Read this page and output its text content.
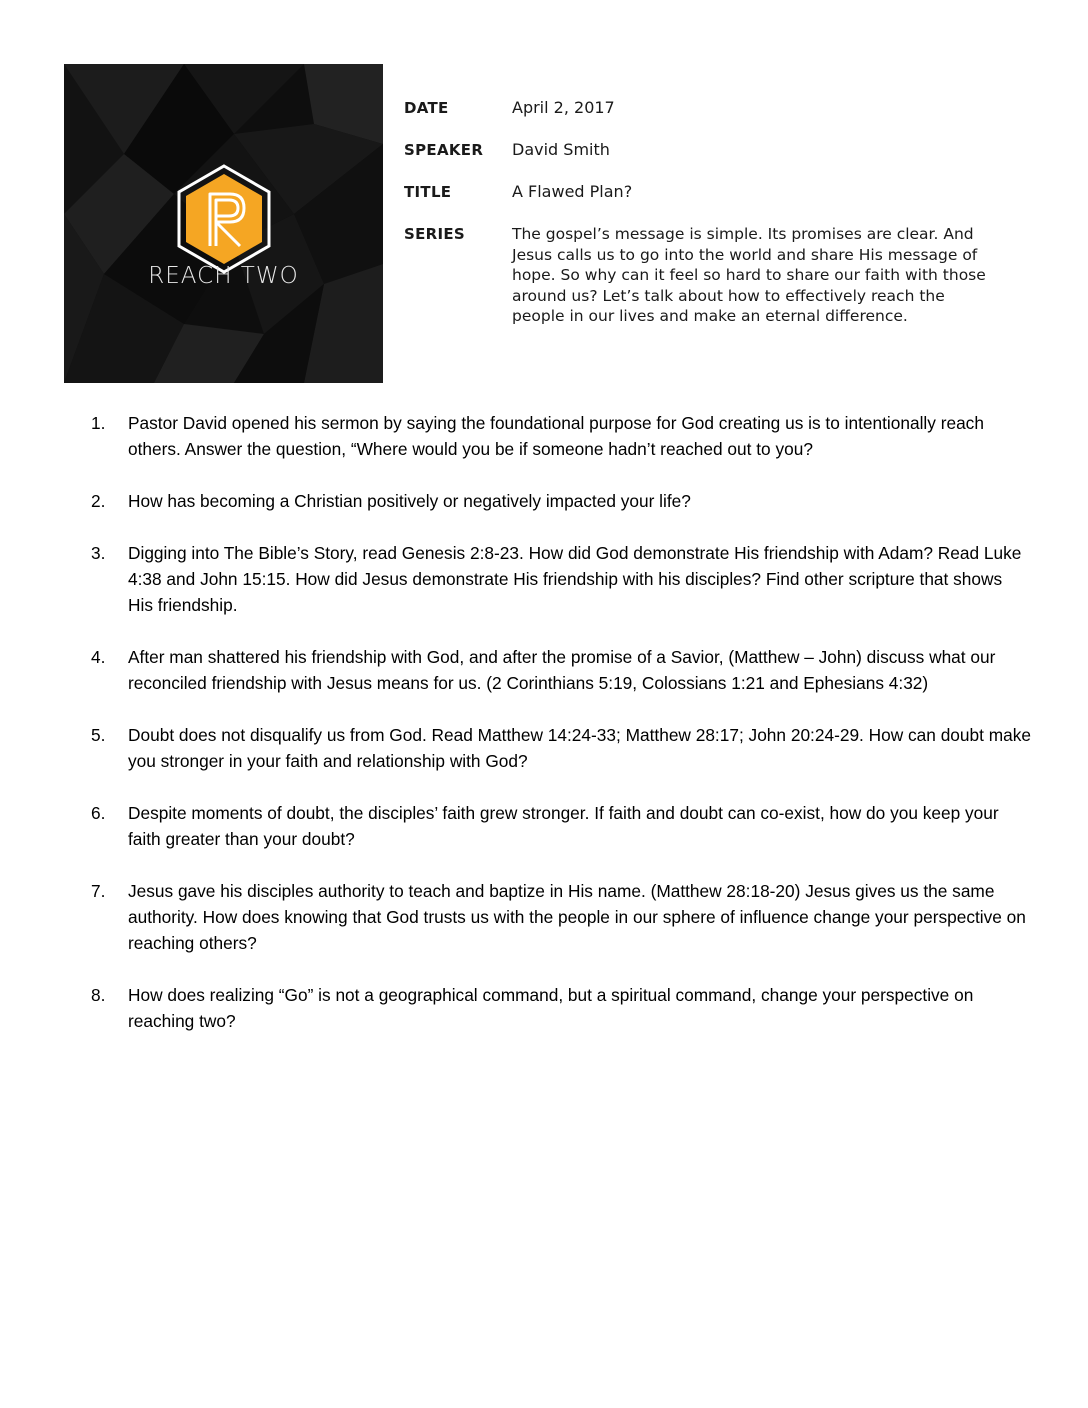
REACH TWO
DATE	April 2, 2017
SPEAKER	David Smith
TITLE	A Flawed Plan?
SERIES	The gospel’s message is simple. Its promises are clear. And Jesus calls us to go into the world and share His message of hope. So why can it feel so hard to share our faith with those around us? Let’s talk about how to effectively reach the people in our lives and make an eternal difference.
1.	Pastor David opened his sermon by saying the foundational purpose for God creating us is to intentionally reach others. Answer the question, “Where would you be if someone hadn’t reached out to you?
2.	How has becoming a Christian positively or negatively impacted your life?
3.	Digging into The Bible’s Story, read Genesis 2:8-23. How did God demonstrate His friendship with Adam? Read Luke 4:38 and John 15:15. How did Jesus demonstrate His friendship with his disciples? Find other scripture that shows His friendship.
4.	After man shattered his friendship with God, and after the promise of a Savior, (Matthew – John) discuss what our reconciled friendship with Jesus means for us. (2 Corinthians 5:19, Colossians 1:21 and Ephesians 4:32)
5.	Doubt does not disqualify us from God. Read Matthew 14:24-33; Matthew 28:17; John 20:24-29. How can doubt make you stronger in your faith and relationship with God?
6.	Despite moments of doubt, the disciples’ faith grew stronger. If faith and doubt can co-exist, how do you keep your faith greater than your doubt?
7.	Jesus gave his disciples authority to teach and baptize in His name. (Matthew 28:18-20) Jesus gives us the same authority. How does knowing that God trusts us with the people in our sphere of influence change your perspective on reaching others?
8.	How does realizing “Go” is not a geographical command, but a spiritual command, change your perspective on reaching two?
